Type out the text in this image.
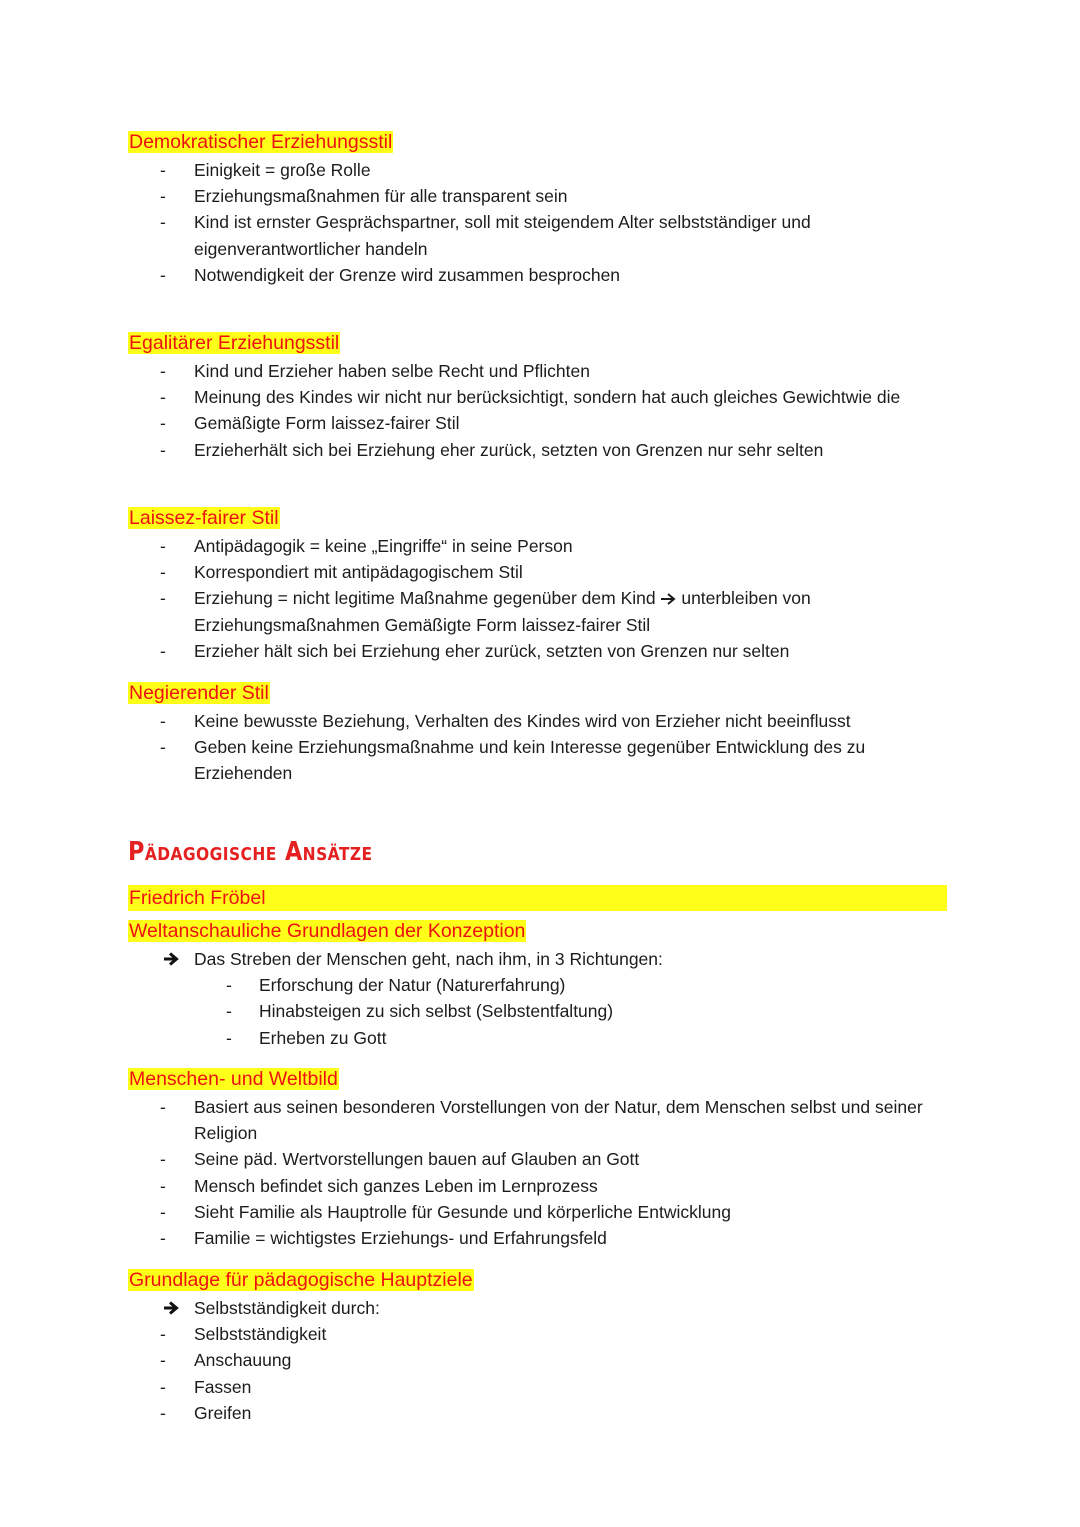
Demokratischer Erziehungsstil
- Einigkeit = große Rolle
- Erziehungsmaßnahmen für alle transparent sein
- Kind ist ernster Gesprächspartner, soll mit steigendem Alter selbstständiger und eigenverantwortlicher handeln
- Notwendigkeit der Grenze wird zusammen besprochen
Egalitärer Erziehungsstil
- Kind und Erzieher haben selbe Recht und Pflichten
- Meinung des Kindes wir nicht nur berücksichtigt, sondern hat auch gleiches Gewichtwie die
- Gemäßigte Form laissez-fairer Stil
- Erzieherhält sich bei Erziehung eher zurück, setzten von Grenzen nur sehr selten
Laissez-fairer Stil
- Antipädagogik = keine „Eingriffe“ in seine Person
- Korrespondiert mit antipädagogischem Stil
- Erziehung = nicht legitime Maßnahme gegenüber dem Kind unterbleiben von Erziehungsmaßnahmen Gemäßigte Form laissez-fairer Stil
- Erzieher hält sich bei Erziehung eher zurück, setzten von Grenzen nur selten
Negierender Stil
- Keine bewusste Beziehung, Verhalten des Kindes wird von Erzieher nicht beeinflusst
- Geben keine Erziehungsmaßnahme und kein Interesse gegenüber Entwicklung des zu Erziehenden
Pädagogische Ansätze
Friedrich Fröbel
Weltanschauliche Grundlagen der Konzeption
Das Streben der Menschen geht, nach ihm, in 3 Richtungen:
- Erforschung der Natur (Naturerfahrung)
- Hinabsteigen zu sich selbst (Selbstentfaltung)
- Erheben zu Gott
Menschen- und Weltbild
- Basiert aus seinen besonderen Vorstellungen von der Natur, dem Menschen selbst und seiner Religion
- Seine päd. Wertvorstellungen bauen auf Glauben an Gott
- Mensch befindet sich ganzes Leben im Lernprozess
- Sieht Familie als Hauptrolle für Gesunde und körperliche Entwicklung
- Familie = wichtigstes Erziehungs- und Erfahrungsfeld
Grundlage für pädagogische Hauptziele
Selbstständigkeit durch:
- Selbstständigkeit
- Anschauung
- Fassen
- Greifen
